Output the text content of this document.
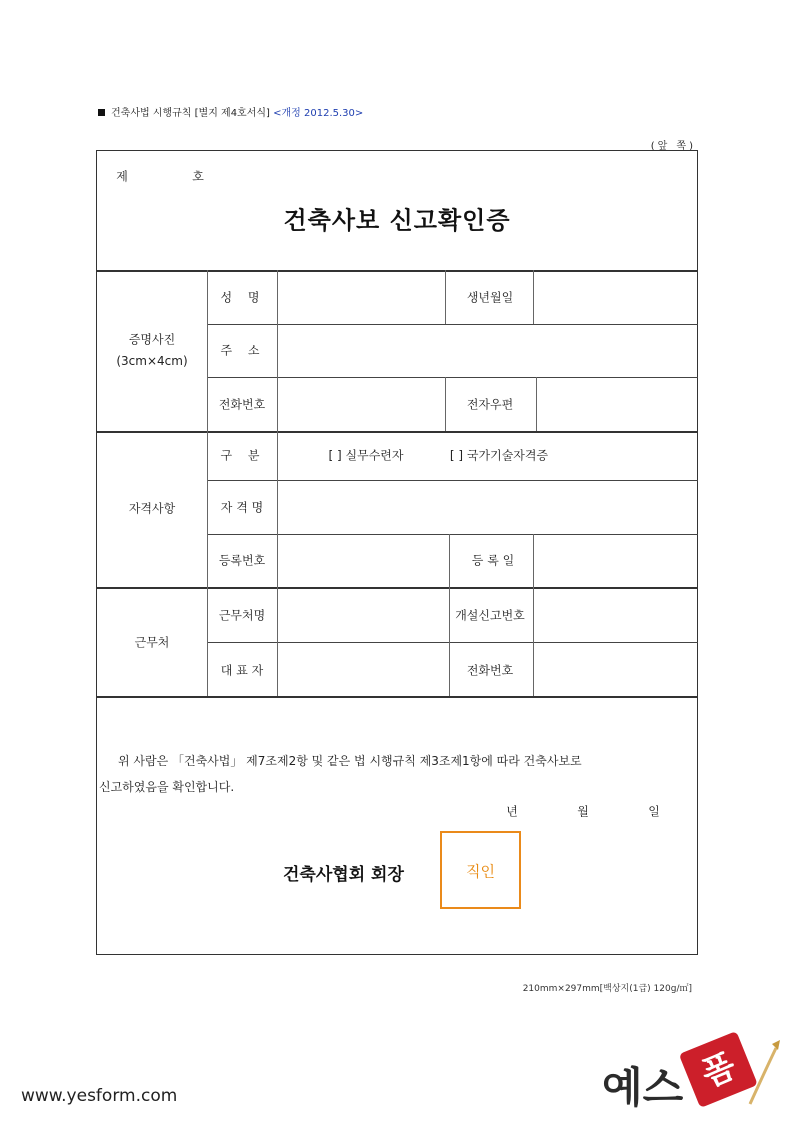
건축사법 시행규칙 [별지 제4호서식] <개정 2012.5.30>
(앞 쪽)
제	호
건축사보 신고확인증
증명사진
(3cm×4cm)
성 명	생년월일
주 소
전화번호	전자우편
자격사항
구 분	[ ] 실무수련자	[ ] 국가기술자격증
자 격 명
등록번호	등 록 일
근무처
근무처명	개설신고번호
대 표 자	전화번호
위 사람은 「건축사법」 제7조제2항 및 같은 법 시행규칙 제3조제1항에 따라 건축사보로
신고하였음을 확인합니다.
년	월	일
건축사협회 회장	직인
210mm×297mm[백상지(1급) 120g/㎡]
www.yesform.com
폼
예스
